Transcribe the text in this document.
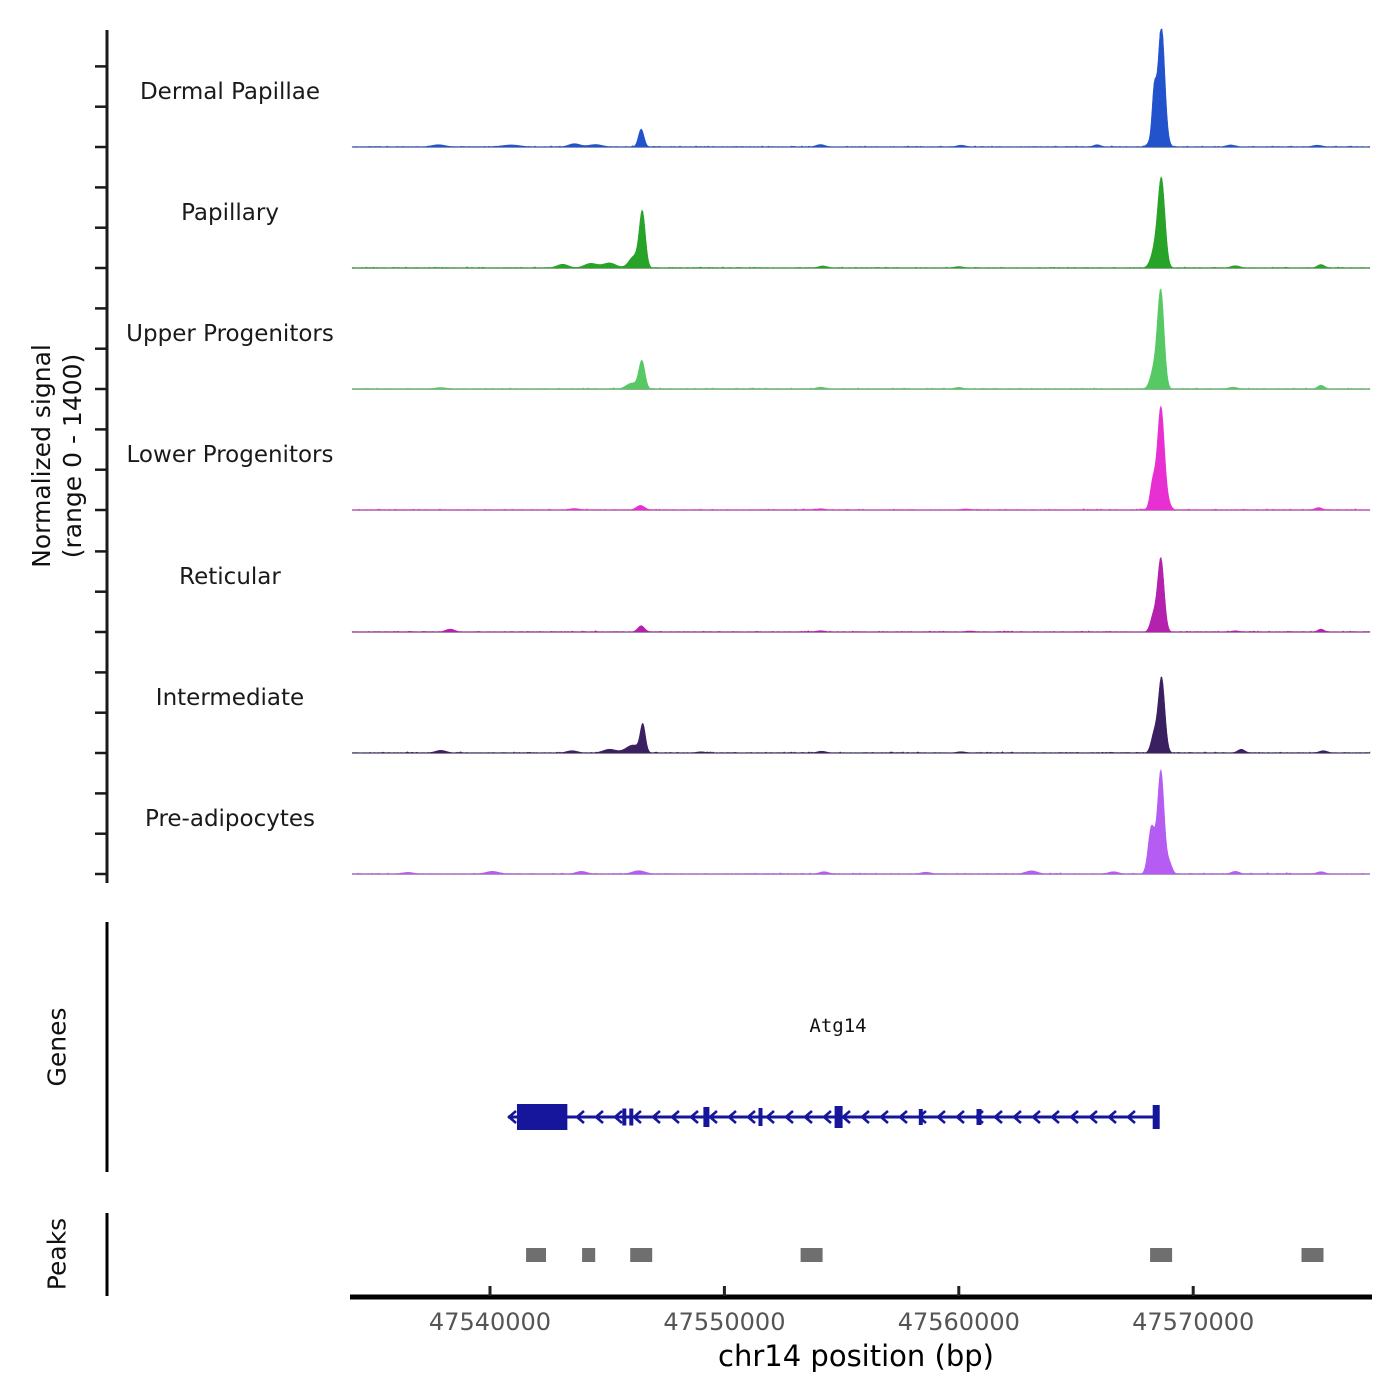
Normalized signal (range 0 - 1400)
Genes
Peaks
Atg14
chr14 position (bp)
47540000	47550000	47560000	47570000
Dermal Papillae
Papillary
Upper Progenitors
Lower Progenitors
Reticular
Intermediate
Pre-adipocytes
